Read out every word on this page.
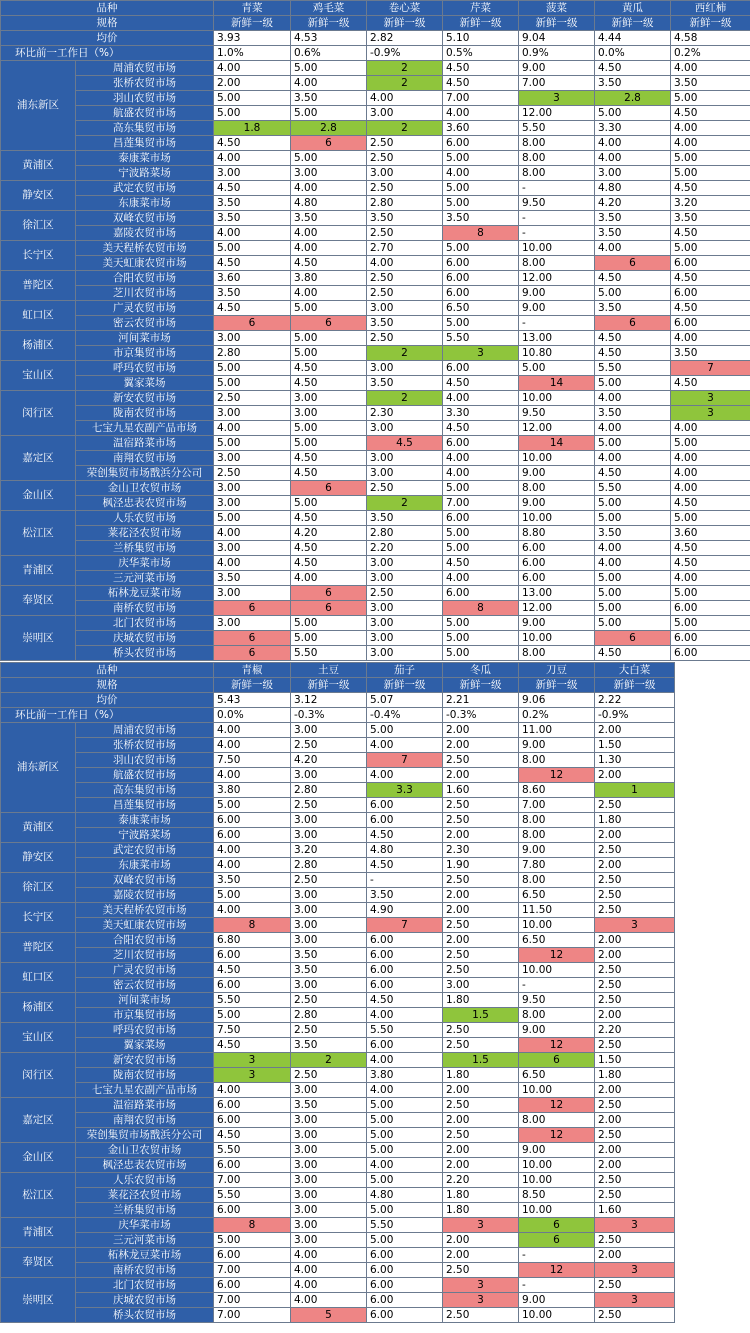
品种		青菜	鸡毛菜	卷心菜	芹菜	菠菜	黄瓜	西红柿
规格		新鲜一级	新鲜一级	新鲜一级	新鲜一级	新鲜一级	新鲜一级	新鲜一级
均价		3.93	4.53	2.82	5.10	9.04	4.44	4.58
环比前一工作日（%）		1.0%	0.6%	-0.9%	0.5%	0.9%	0.0%	0.2%
浦东新区	周浦农贸市场	4.00	5.00	2	4.50	9.00	4.50	4.00
	张桥农贸市场	2.00	4.00	2	4.50	7.00	3.50	3.50
	羽山农贸市场	5.00	3.50	4.00	7.00	3	2.8	5.00
	航盛农贸市场	5.00	5.00	3.00	4.00	12.00	5.00	4.50
	高东集贸市场	1.8	2.8	2	3.60	5.50	3.30	4.00
	昌莲集贸市场	4.50	6	2.50	6.00	8.00	4.00	4.00
黄浦区	泰康菜市场	4.00	5.00	2.50	5.00	8.00	4.00	5.00
	宁波路菜场	3.00	3.00	3.00	4.00	8.00	3.00	5.00
静安区	武定农贸市场	4.50	4.00	2.50	5.00	-	4.80	4.50
	东康菜市场	3.50	4.80	2.80	5.00	9.50	4.20	3.20
徐汇区	双峰农贸市场	3.50	3.50	3.50	3.50	-	3.50	3.50
	嘉陵农贸市场	4.00	4.00	2.50	8	-	3.50	4.50
长宁区	美天程桥农贸市场	5.00	4.00	2.70	5.00	10.00	4.00	5.00
	美天虹康农贸市场	4.50	4.50	4.00	6.00	8.00	6	6.00
普陀区	合阳农贸市场	3.60	3.80	2.50	6.00	12.00	4.50	4.50
	芝川农贸市场	3.50	4.00	2.50	6.00	9.00	5.00	6.00
虹口区	广灵农贸市场	4.50	5.00	3.00	6.50	9.00	3.50	4.50
	密云农贸市场	6	6	3.50	5.00	-	6	6.00
杨浦区	河间菜市场	3.00	5.00	2.50	5.50	13.00	4.50	4.00
	市京集贸市场	2.80	5.00	2	3	10.80	4.50	3.50
宝山区	呼玛农贸市场	5.00	4.50	3.00	6.00	5.00	5.50	7
	翼家菜场	5.00	4.50	3.50	4.50	14	5.00	4.50
闵行区	新安农贸市场	2.50	3.00	2	4.00	10.00	4.00	3
	陇南农贸市场	3.00	3.00	2.30	3.30	9.50	3.50	3
	七宝九星农副产品市场	4.00	5.00	3.00	4.50	12.00	4.00	4.00
嘉定区	温宿路菜市场	5.00	5.00	4.5	6.00	14	5.00	5.00
	南翔农贸市场	3.00	4.50	3.00	4.00	10.00	4.00	4.00
	荣创集贸市场戬浜分公司	2.50	4.50	3.00	4.00	9.00	4.50	4.00
金山区	金山卫农贸市场	3.00	6	2.50	5.00	8.00	5.50	4.00
	枫泾忠表农贸市场	3.00	5.00	2	7.00	9.00	5.00	4.50
松江区	人乐农贸市场	5.00	4.50	3.50	6.00	10.00	5.00	5.00
	莱花泾农贸市场	4.00	4.20	2.80	5.00	8.80	3.50	3.60
	兰桥集贸市场	3.00	4.50	2.20	5.00	6.00	4.00	4.50
青浦区	庆华菜市场	4.00	4.50	3.00	4.50	6.00	4.00	4.50
	三元河菜市场	3.50	4.00	3.00	4.00	6.00	5.00	4.00
奉贤区	柘林龙豆菜市场	3.00	6	2.50	6.00	13.00	5.00	5.00
	南桥农贸市场	6	6	3.00	8	12.00	5.00	6.00
崇明区	北门农贸市场	3.00	5.00	3.00	5.00	9.00	5.00	5.00
	庆城农贸市场	6	5.00	3.00	5.00	10.00	6	6.00
	桥头农贸市场	6	5.50	3.00	5.00	8.00	4.50	6.00
品种		青椒	土豆	茄子	冬瓜	刀豆	大白菜
规格		新鲜一级	新鲜一级	新鲜一级	新鲜一级	新鲜一级	新鲜一级
均价		5.43	3.12	5.07	2.21	9.06	2.22
环比前一工作日（%）		0.0%	-0.3%	-0.4%	-0.3%	0.2%	-0.9%
浦东新区	周浦农贸市场	4.00	3.00	5.00	2.00	11.00	2.00
	张桥农贸市场	4.00	2.50	4.00	2.00	9.00	1.50
	羽山农贸市场	7.50	4.20	7	2.50	8.00	1.30
	航盛农贸市场	4.00	3.00	4.00	2.00	12	2.00
	高东集贸市场	3.80	2.80	3.3	1.60	8.60	1
	昌莲集贸市场	5.00	2.50	6.00	2.50	7.00	2.50
黄浦区	泰康菜市场	6.00	3.00	6.00	2.50	8.00	1.80
	宁波路菜场	6.00	3.00	4.50	2.00	8.00	2.00
静安区	武定农贸市场	4.00	3.20	4.80	2.30	9.00	2.50
	东康菜市场	4.00	2.80	4.50	1.90	7.80	2.00
徐汇区	双峰农贸市场	3.50	2.50	-	2.50	8.00	2.50
	嘉陵农贸市场	5.00	3.00	3.50	2.00	6.50	2.50
长宁区	美天程桥农贸市场	4.00	3.00	4.90	2.00	11.50	2.50
	美天虹康农贸市场	8	3.00	7	2.50	10.00	3
普陀区	合阳农贸市场	6.80	3.00	6.00	2.00	6.50	2.00
	芝川农贸市场	6.00	3.50	6.00	2.50	12	2.00
虹口区	广灵农贸市场	4.50	3.50	6.00	2.50	10.00	2.50
	密云农贸市场	6.00	3.00	6.00	3.00	-	2.50
杨浦区	河间菜市场	5.50	2.50	4.50	1.80	9.50	2.50
	市京集贸市场	5.00	2.80	4.00	1.5	8.00	2.00
宝山区	呼玛农贸市场	7.50	2.50	5.50	2.50	9.00	2.20
	翼家菜场	4.50	3.50	6.00	2.50	12	2.50
闵行区	新安农贸市场	3	2	4.00	1.5	6	1.50
	陇南农贸市场	3	2.50	3.80	1.80	6.50	1.80
	七宝九星农副产品市场	4.00	3.00	4.00	2.00	10.00	2.00
嘉定区	温宿路菜市场	6.00	3.50	5.00	2.50	12	2.50
	南翔农贸市场	6.00	3.00	5.00	2.00	8.00	2.00
	荣创集贸市场戬浜分公司	4.50	3.00	5.00	2.50	12	2.50
金山区	金山卫农贸市场	5.50	3.00	5.00	2.00	9.00	2.00
	枫泾忠表农贸市场	6.00	3.00	4.00	2.00	10.00	2.00
松江区	人乐农贸市场	7.00	3.00	5.00	2.20	10.00	2.50
	莱花泾农贸市场	5.50	3.00	4.80	1.80	8.50	2.50
	兰桥集贸市场	6.00	3.00	5.00	1.80	10.00	1.60
青浦区	庆华菜市场	8	3.00	5.50	3	6	3
	三元河菜市场	5.00	3.00	5.00	2.00	6	2.50
奉贤区	柘林龙豆菜市场	6.00	4.00	6.00	2.00	-	2.00
	南桥农贸市场	7.00	4.00	6.00	2.50	12	3
崇明区	北门农贸市场	6.00	4.00	6.00	3	-	2.50
	庆城农贸市场	7.00	4.00	6.00	3	9.00	3
	桥头农贸市场	7.00	5	6.00	2.50	10.00	2.50
